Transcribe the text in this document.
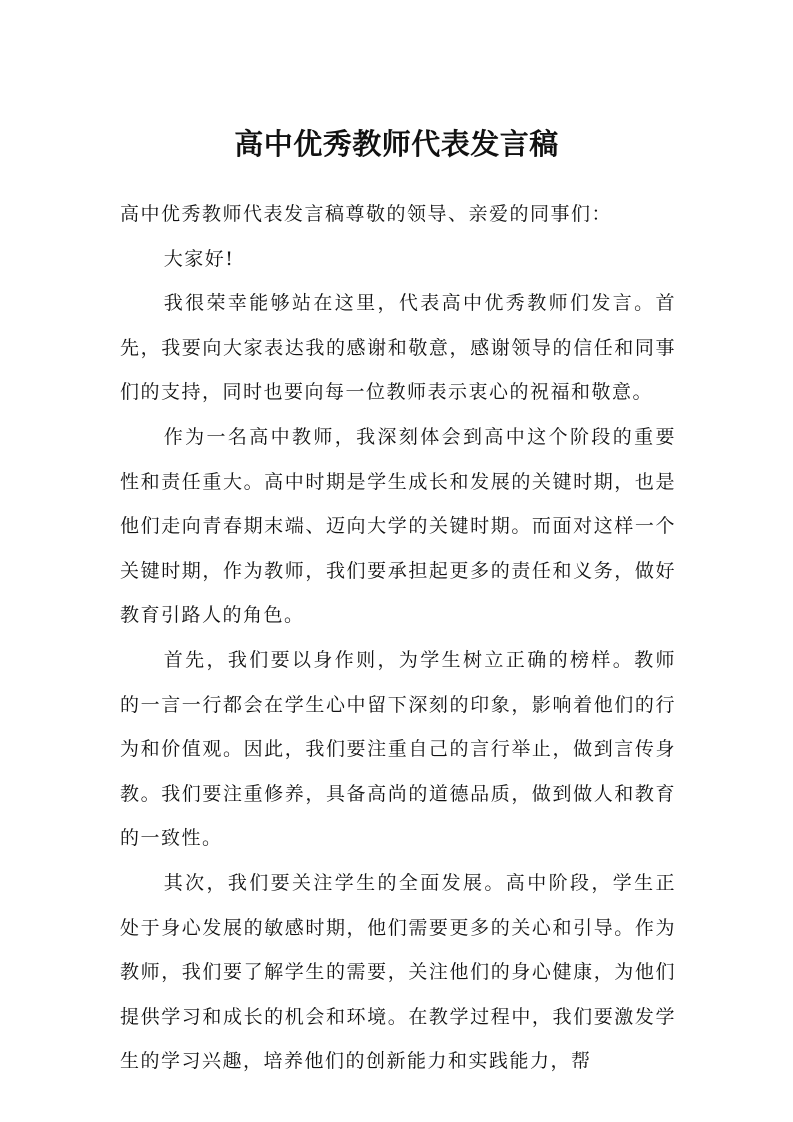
高中优秀教师代表发言稿

高中优秀教师代表发言稿尊敬的领导、亲爱的同事们：

大家好!

我很荣幸能够站在这里，代表高中优秀教师们发言。首先，我要向大家表达我的感谢和敬意，感谢领导的信任和同事们的支持，同时也要向每一位教师表示衷心的祝福和敬意。

作为一名高中教师，我深刻体会到高中这个阶段的重要性和责任重大。高中时期是学生成长和发展的关键时期，也是他们走向青春期末端、迈向大学的关键时期。而面对这样一个关键时期，作为教师，我们要承担起更多的责任和义务，做好教育引路人的角色。

首先，我们要以身作则，为学生树立正确的榜样。教师的一言一行都会在学生心中留下深刻的印象，影响着他们的行为和价值观。因此，我们要注重自己的言行举止，做到言传身教。我们要注重修养，具备高尚的道德品质，做到做人和教育的一致性。

其次，我们要关注学生的全面发展。高中阶段，学生正处于身心发展的敏感时期，他们需要更多的关心和引导。作为教师，我们要了解学生的需要，关注他们的身心健康，为他们提供学习和成长的机会和环境。在教学过程中，我们要激发学生的学习兴趣，培养他们的创新能力和实践能力，帮
